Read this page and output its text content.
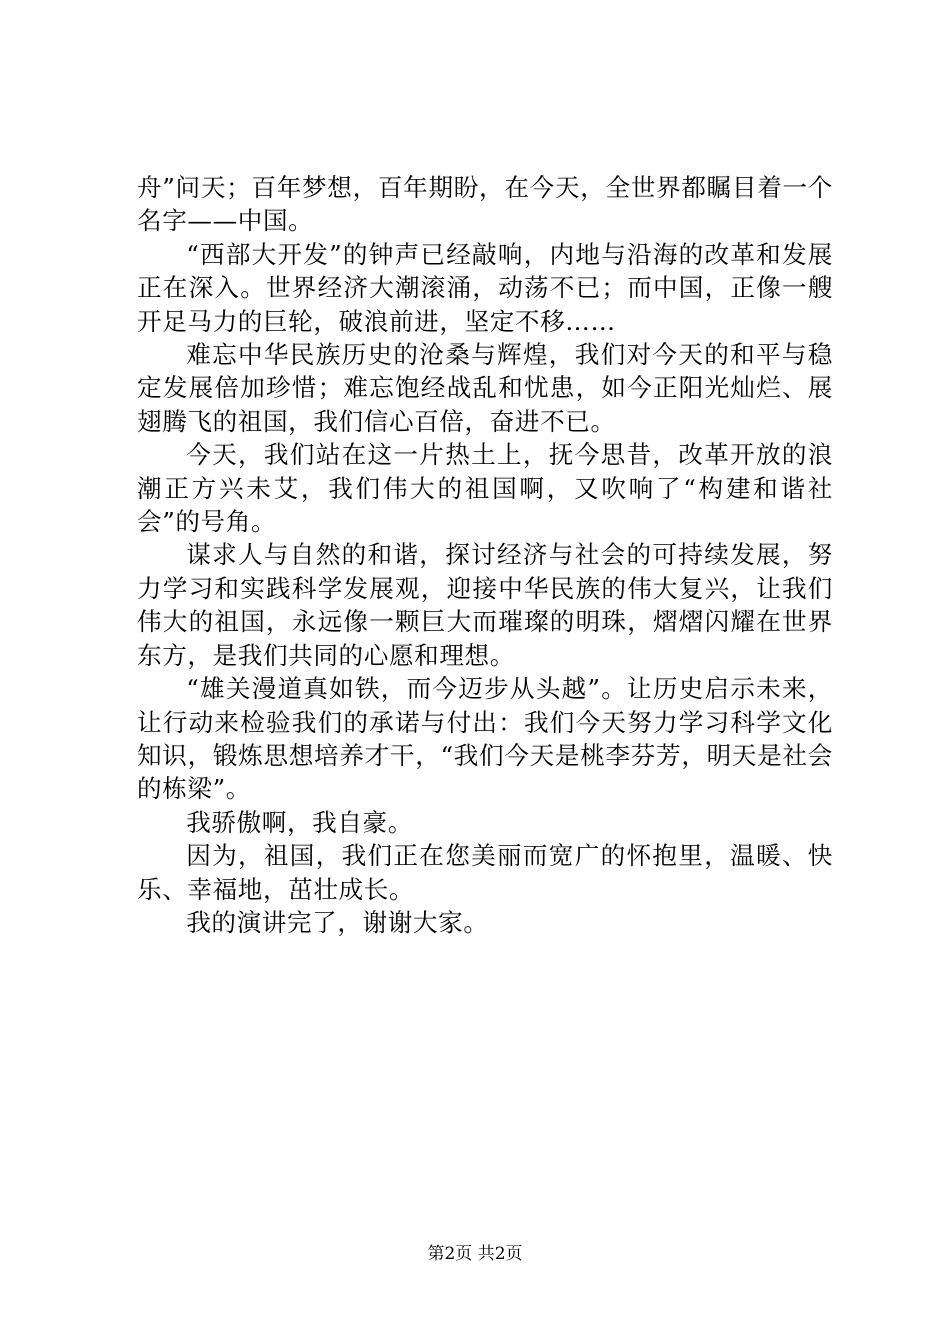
舟”问天；百年梦想，百年期盼，在今天，全世界都瞩目着一个名字——中国。

“西部大开发”的钟声已经敲响，内地与沿海的改革和发展正在深入。世界经济大潮滚涌，动荡不已；而中国，正像一艘开足马力的巨轮，破浪前进，坚定不移……

难忘中华民族历史的沧桑与辉煌，我们对今天的和平与稳定发展倍加珍惜；难忘饱经战乱和忧患，如今正阳光灿烂、展翅腾飞的祖国，我们信心百倍，奋进不已。

今天，我们站在这一片热土上，抚今思昔，改革开放的浪潮正方兴未艾，我们伟大的祖国啊，又吹响了“构建和谐社会”的号角。

谋求人与自然的和谐，探讨经济与社会的可持续发展，努力学习和实践科学发展观，迎接中华民族的伟大复兴，让我们伟大的祖国，永远像一颗巨大而璀璨的明珠，熠熠闪耀在世界东方，是我们共同的心愿和理想。

“雄关漫道真如铁，而今迈步从头越”。让历史启示未来，让行动来检验我们的承诺与付出：我们今天努力学习科学文化知识，锻炼思想培养才干，“我们今天是桃李芬芳，明天是社会的栋梁”。

我骄傲啊，我自豪。

因为，祖国，我们正在您美丽而宽广的怀抱里，温暖、快乐、幸福地，茁壮成长。

我的演讲完了，谢谢大家。

第2页 共2页
